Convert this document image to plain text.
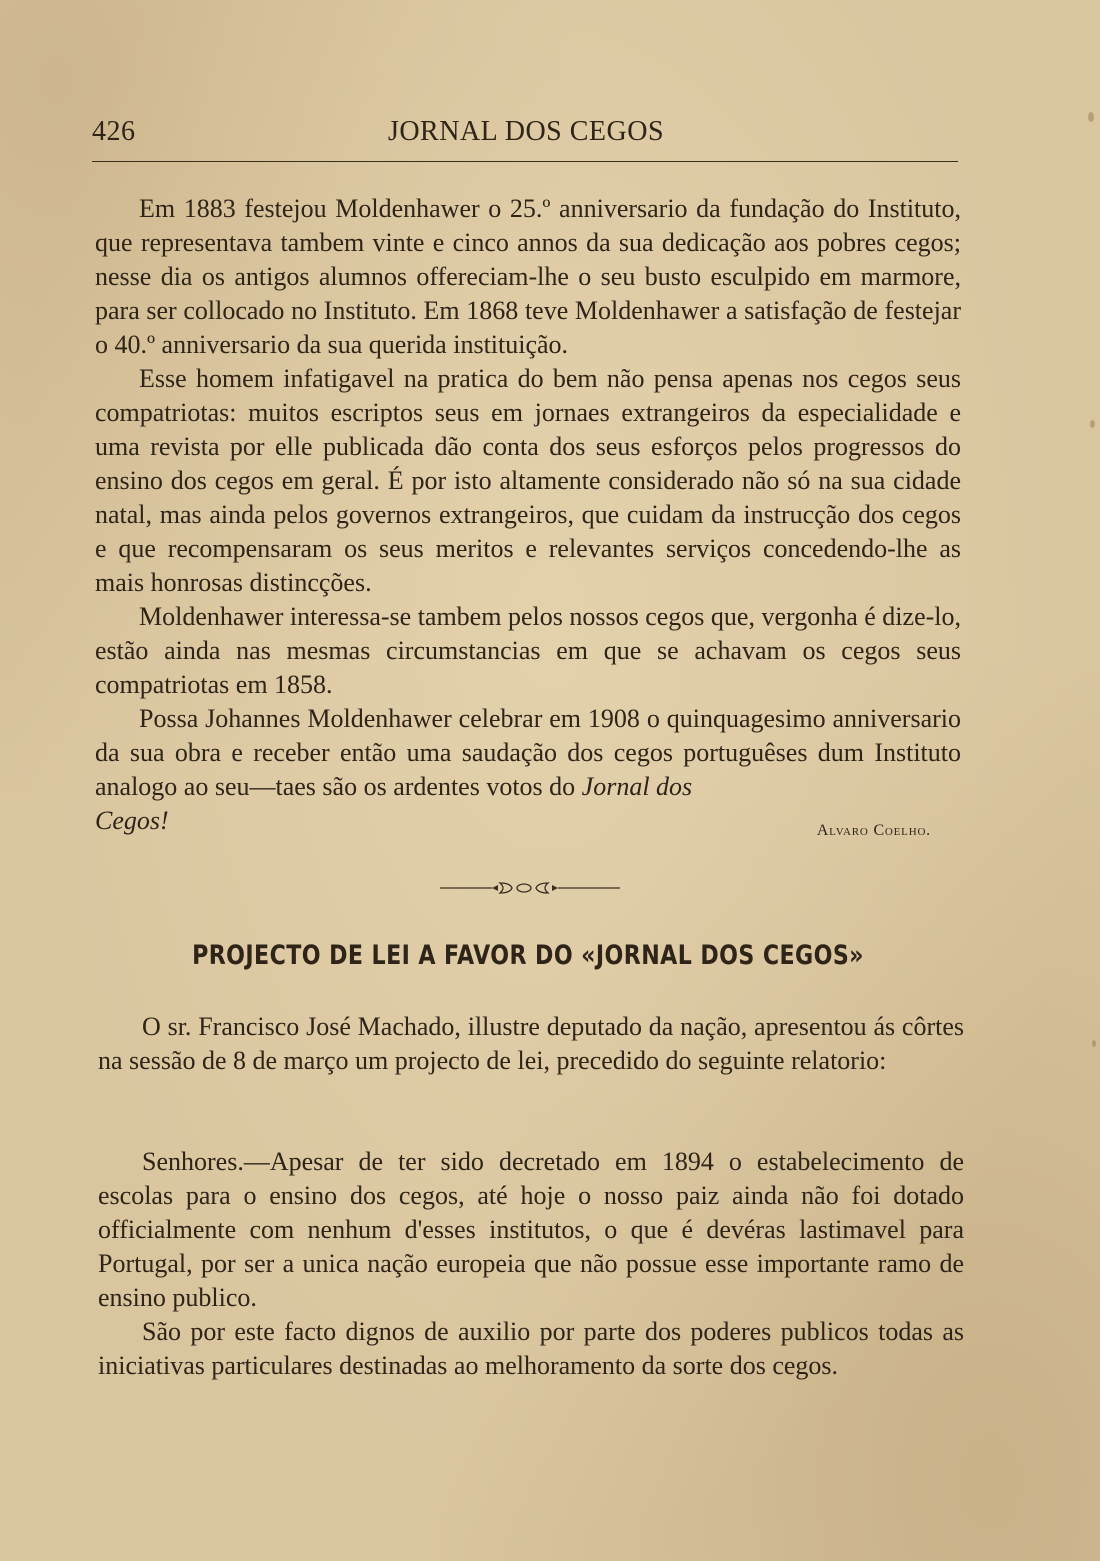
426	JORNAL DOS CEGOS

Em 1883 festejou Moldenhawer o 25.º anniversario da fundação do Instituto, que representava tambem vinte e cinco annos da sua dedicação aos pobres cegos; nesse dia os antigos alumnos offereciam-lhe o seu busto esculpido em marmore, para ser collocado no Instituto. Em 1868 teve Moldenhawer a satisfação de festejar o 40.º anniversario da sua querida instituição.

Esse homem infatigavel na pratica do bem não pensa apenas nos cegos seus compatriotas: muitos escriptos seus em jornaes extrangeiros da especialidade e uma revista por elle publicada dão conta dos seus esforços pelos progressos do ensino dos cegos em geral. É por isto altamente considerado não só na sua cidade natal, mas ainda pelos governos extrangeiros, que cuidam da instrucção dos cegos e que recompensaram os seus meritos e relevantes serviços concedendo-lhe as mais honrosas distincções.

Moldenhawer interessa-se tambem pelos nossos cegos que, vergonha é dize-lo, estão ainda nas mesmas circumstancias em que se achavam os cegos seus compatriotas em 1858.

Possa Johannes Moldenhawer celebrar em 1908 o quinquagesimo anniversario da sua obra e receber então uma saudação dos cegos portuguêses dum Instituto analogo ao seu—taes são os ardentes votos do Jornal dos

Cegos!	Alvaro Coelho.
PROJECTO DE LEI A FAVOR DO «JORNAL DOS CEGOS»

O sr. Francisco José Machado, illustre deputado da nação, apresentou ás côrtes na sessão de 8 de março um projecto de lei, precedido do seguinte relatorio:

Senhores.—Apesar de ter sido decretado em 1894 o estabelecimento de escolas para o ensino dos cegos, até hoje o nosso paiz ainda não foi dotado officialmente com nenhum d'esses institutos, o que é devéras lastimavel para Portugal, por ser a unica nação europeia que não possue esse importante ramo de ensino publico.

São por este facto dignos de auxilio por parte dos poderes publicos todas as iniciativas particulares destinadas ao melhoramento da sorte dos cegos.
